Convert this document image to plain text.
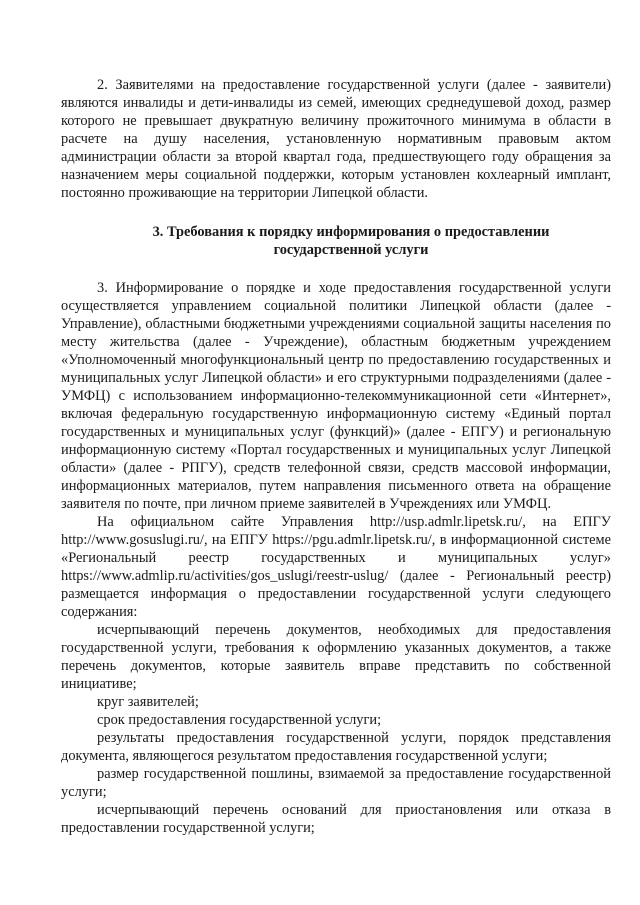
2. Заявителями на предоставление государственной услуги (далее - заявители) являются инвалиды и дети-инвалиды из семей, имеющих среднедушевой доход, размер которого не превышает двукратную величину прожиточного минимума в области в расчете на душу населения, установленную нормативным правовым актом администрации области за второй квартал года, предшествующего году обращения за назначением меры социальной поддержки, которым установлен кохлеарный имплант, постоянно проживающие на территории Липецкой области.

3. Требования к порядку информирования о предоставлении государственной услуги

3. Информирование о порядке и ходе предоставления государственной услуги осуществляется управлением социальной политики Липецкой области (далее - Управление), областными бюджетными учреждениями социальной защиты населения по месту жительства (далее - Учреждение), областным бюджетным учреждением «Уполномоченный многофункциональный центр по предоставлению государственных и муниципальных услуг Липецкой области» и его структурными подразделениями (далее - УМФЦ) с использованием информационно-телекоммуникационной сети «Интернет», включая федеральную государственную информационную систему «Единый портал государственных и муниципальных услуг (функций)» (далее - ЕПГУ) и региональную информационную систему «Портал государственных и муниципальных услуг Липецкой области» (далее - РПГУ), средств телефонной связи, средств массовой информации, информационных материалов, путем направления письменного ответа на обращение заявителя по почте, при личном приеме заявителей в Учреждениях или УМФЦ.

На официальном сайте Управления http://usp.admlr.lipetsk.ru/, на ЕПГУ http://www.gosuslugi.ru/, на ЕПГУ https://pgu.admlr.lipetsk.ru/, в информационной системе «Региональный реестр государственных и муниципальных услуг» https://www.admlip.ru/activities/gos_uslugi/reestr-uslug/ (далее - Региональный реестр) размещается информация о предоставлении государственной услуги следующего содержания:

исчерпывающий перечень документов, необходимых для предоставления государственной услуги, требования к оформлению указанных документов, а также перечень документов, которые заявитель вправе представить по собственной инициативе;

круг заявителей;

срок предоставления государственной услуги;

результаты предоставления государственной услуги, порядок представления документа, являющегося результатом предоставления государственной услуги;

размер государственной пошлины, взимаемой за предоставление государственной услуги;

исчерпывающий перечень оснований для приостановления или отказа в предоставлении государственной услуги;
